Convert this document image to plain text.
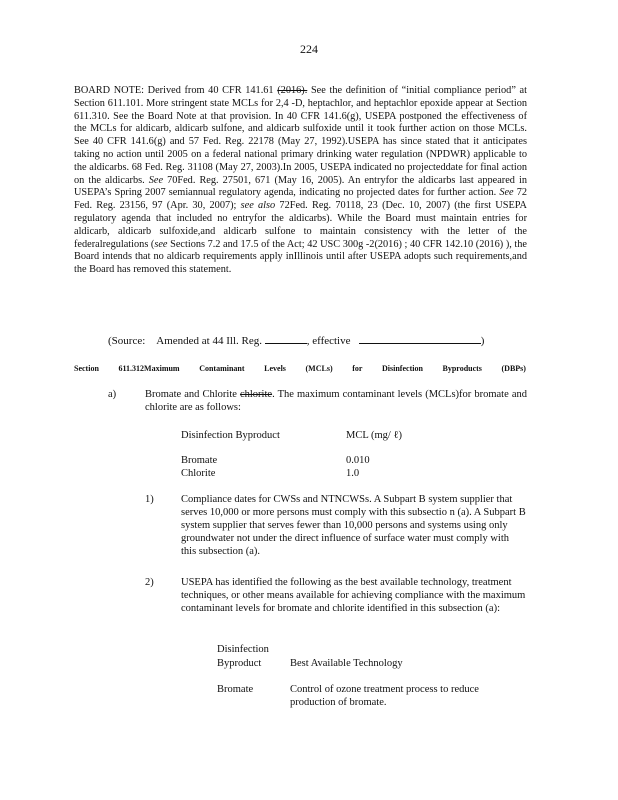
224

BOARD NOTE: Derived from 40 CFR 141.61 (2016). See the definition of “initial compliance period” at Section 611.101. More stringent state MCLs for 2,4 -D, heptachlor, and heptachlor epoxide appear at Section 611.310. See the Board Note at that provision. In 40 CFR 141.6(g), USEPA postponed the effectiveness of the MCLs for aldicarb, aldicarb sulfone, and aldicarb sulfoxide until it took further action on those MCLs. See 40 CFR 141.6(g) and 57 Fed. Reg. 22178 (May 27, 1992).USEPA has since stated that it anticipates taking no action until 2005 on a federal national primary drinking water regulation (NPDWR) applicable to the aldicarbs. 68 Fed. Reg. 31108 (May 27, 2003).In 2005, USEPA indicated no projecteddate for final action on the aldicarbs. See 70Fed. Reg. 27501, 671 (May 16, 2005). An entryfor the aldicarbs last appeared in USEPA’s Spring 2007 semiannual regulatory agenda, indicating no projected dates for further action. See 72 Fed. Reg. 23156, 97 (Apr. 30, 2007); see also 72Fed. Reg. 70118, 23 (Dec. 10, 2007) (the first USEPA regulatory agenda that included no entryfor the aldicarbs). While the Board must maintain entries for aldicarb, aldicarb sulfoxide,and aldicarb sulfone to maintain consistency with the letter of the federalregulations (see Sections 7.2 and 17.5 of the Act; 42 USC 300g -2(2016) ; 40 CFR 142.10 (2016) ), the Board intends that no aldicarb requirements apply inIllinois until after USEPA adopts such requirements,and the Board has removed this statement.

(Source: Amended at 44 Ill. Reg.	, effective	)
Section 611.312Maximum Contaminant Levels (MCLs) for Disinfection Byproducts (DBPs)
a)	Bromate and Chlorite chlorite. The maximum contaminant levels (MCLs)for bromate and chlorite are as follows:

Disinfection Byproduct	MCL (mg/ ℓ)
Bromate	0.010
Chlorite	1.0
1)	Compliance dates for CWSs and NTNCWSs. A Subpart B system supplier that serves 10,000 or more persons must comply with this subsectio n (a). A Subpart B system supplier that serves fewer than 10,000 persons and systems using only groundwater not under the direct influence of surface water must comply with this subsection (a).

2)	USEPA has identified the following as the best available technology, treatment techniques, or other means available for achieving compliance with the maximum contaminant levels for bromate and chlorite identified in this subsection (a):

Disinfection
Byproduct	Best Available Technology
Bromate	Control of ozone treatment process to reduce production of bromate.
